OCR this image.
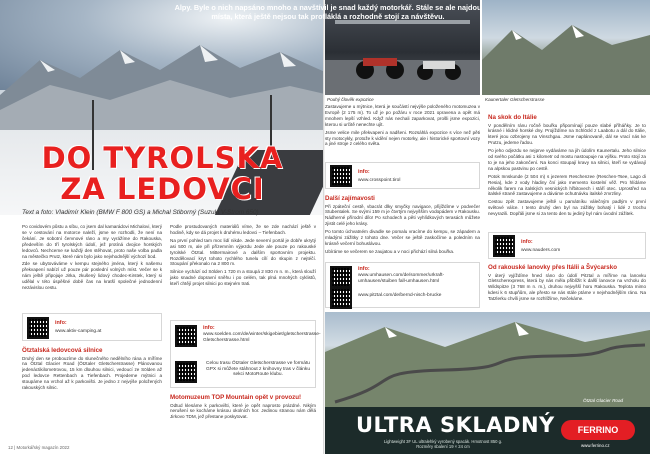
DO TYROLSKA
ZA LEDOVCI
Text a foto: Vladimír Klein (BMW F 800 GS) a Michal Stiborný (Suzuki V-Strom 650)

Po covidovém půstu a síbu, co jsem dal kamarádovi Michalovi, který se v cestování na motorce naleží, jsme se rozhodli, že není na čekání. Je sobotní červnové ráno a my vyrážíme do Rakouska, především do tří tyrolských údolí, jež protíná dvojice horských ledovců. Nechceme se každý den stěhovat, proto naše volba padla na městečko Prutz, které nám bylo jako nejvhodnější výchozí bod.

Zde se ubytováváme v kempu stejného jména, který k našemu překvapení nabízí už pouze pár poslední volných míst. Večer se k nám ještě připojuje Jirka, zkušený lidový chodec-Kirstek, který si udělal v této úspěšné době čas na kratší společné jednodenní nezávislou cestu.

info:
www.aktiv-camping.at
Ötztalská ledovcová silnice

Druhý den se probouzíme do slunečného nedělního rána a míříme na Ötztal Glacier Road (Ötztaler Gletscherstrasse) Plánovanou jedenáctikilometrovou, 15 km dlouhou silnici, vedoucí ze Sölden až pod ledovce Rettenbach a Tiefenbach. Projedeme mýtnici a stoupáme na vrchol až k parkovišti. Je jedno z nejvýše položených rakouských silnic.

Podle prostudovaných materiálů víme, že se zde nachází ještě v hodině, kdy se dá projet k druhému ledovci – Tiefenbach.

Na první pohled tam moc lidí nikde. Jede severní portál je dobře ukrytý asi 500 m, ale při přízemním výjezdu Jede ale pouze po rakouské tyrolské Ötztal. Mittermairové a dalším sportovním projektu. Rozdělovací kryt tohoto rychlého tunelu cílí do skupin z nejtéčí. Stoupání překonalo na 2 800 m.

Silnice vychází od Sölden 1 720 m a stoupá 2 830 m n. m., která slouží jako snadné dopravní sněhu i po celém, tak plná mnohých cyklistů, kteří chtějí projet silnici po stejném trati.

info:
www.soelden.com/de/winter/skigebiet/gletscherstrasse-Gletscherstrasse.html
Celou trasu Ötztaler Gletscherstrasse ve formátu GPX si můžete stáhnout z knihovny tras v článku sekci MotoRoute klubu.
Motomuzeum TOP Mountain opět v provozu!

Odtud klesáme k parkovišti, které je opět naprosto prázdné. Nikým nerušení se kocháme krásou okolních hor. Jedinou stranou nám dělá Jirkovo TDM, jež přestane poskytovat.

12 | Motorkářský magazín 2022
Pouhý člověk expozice	Kaunertaler Gletscherstrasse

Zastavujeme u mýtnice, která je součástí nejvýše položeného motomuzea v Evropě (2 175 m). To už je po požáru v roce 2021 opravena a opět má mnohem lepší vzhled. Když nás nechali zaparkovat, prošli jsme expozici, kterou si určitě nenechte ujít.

Jsme velice mile překvapeni a nadšeni. Rozsáhlá expozice s více než pěti sty motocykly, protože k vidění nejen motorky, ale i historické sportovní vozy a jiné stroje z celého světa.

info:
www.crosspoint.tirol
Další zajímavosti

Při zpáteční cestě, vbacrát dlky smyčky navigace, přijíždíme v podvečer Stubentalek. Se svými 159 m je čtvrtým nejvyšším vodopádem v Rakousku. Nádherné přírodní dílo! Po schodech a pěti vyhlídkových terasách můžete zjistit celé jeho krásy.

Po tomto úchvatném divadle se pomalu vracíme do kempu, se západem a mladými zážitky z tohoto dne. Večer se ještě zaskočíme a poledním na krásně večerní bohuslávou.

Ubíráme se večerem se zaujatou a v noci přichází silná bouřka.

info:
www.umhausen.com/de/sommer/urkraft-umhausen/stuiben fall-umhausen.html
www.pitztal.com/de/bernd-nisch-brucke
Na skok do Itálie

V pondělním ránu ročně bouřku připomínají pouze slabé příháňky. Je to krásné i klidné horské dny. Projíždíme na Schlöckl z Laabotu a dál do Itálie, které jsou ozbrojeny na Vinschgau. Jsme naplánovaně, dál se vrací nás ke Prutzu, jedeme řadou.

Po jeho odjezdu se nejprve vydáváme na jih údolím Kaunertalu. Jeho silnice od svého počátku asi 1 kilometr od mostu nastoupuje na výšku. Proto stojí za to je na jeho zakončení. Na konci stoupají kravy na silnici, kteří se vydávají na alpskou pastvinu po cestě.

Potok Innskunde (2 504 m) s jezerem Reschenzee (Reschen-Tsee, Lago di Resia), kde z vody hladiny ční jako memento kostelní věž. Pro hlídáme několik farem na italských vesnických hřbitovech i stáří otec. Uprostřed na italské straně zastavujeme a dáváme ochutnávku italské zmrzliny.

Cestou zpět zastavujeme ještě u památníku válečným padlým v první světové válce. I tento druhý den byl na zážitky bohatý i lidé z trochu nevyrazili. Dopřáli jsme si za tento den tu jediný byl nám úvodní zážitek.

info:
www.nauders.com
Od rakouské lanovky přes Itálii a Švýcarsko

V úterý vyjíždíme hned ráno do údolí Pitztal a míříme na lanovku Gletscherexpress, která by nás měla přiblížit k další lanovce na vrcholu do Wildspitze (3 768 m n. m.), druhou nejvyšší horu Rakouska. Teplota mimo kdesi k 6 stupňům, ale přesto se nás stále ptáme v nejvhodnějším ráno. Na Tatzlerku chvíli jsme se rozhlížíme, Nečekáme.

Ötztal Glacier Road
Alpy. Byle o nich napsáno mnoho a navštívil je snad každý motorkář. Stále se ale najdou místa, která ještě nejsou tak profláklá a rozhodně stojí za návštěvu.
ULTRA SKLADNÝ
Lightweight 3F UL ultralehký vyrobený spacák. Hmotnost 850 g. Rozměry sbalení 19 × 24 cm
FERRINO
www.ferrino.cz
